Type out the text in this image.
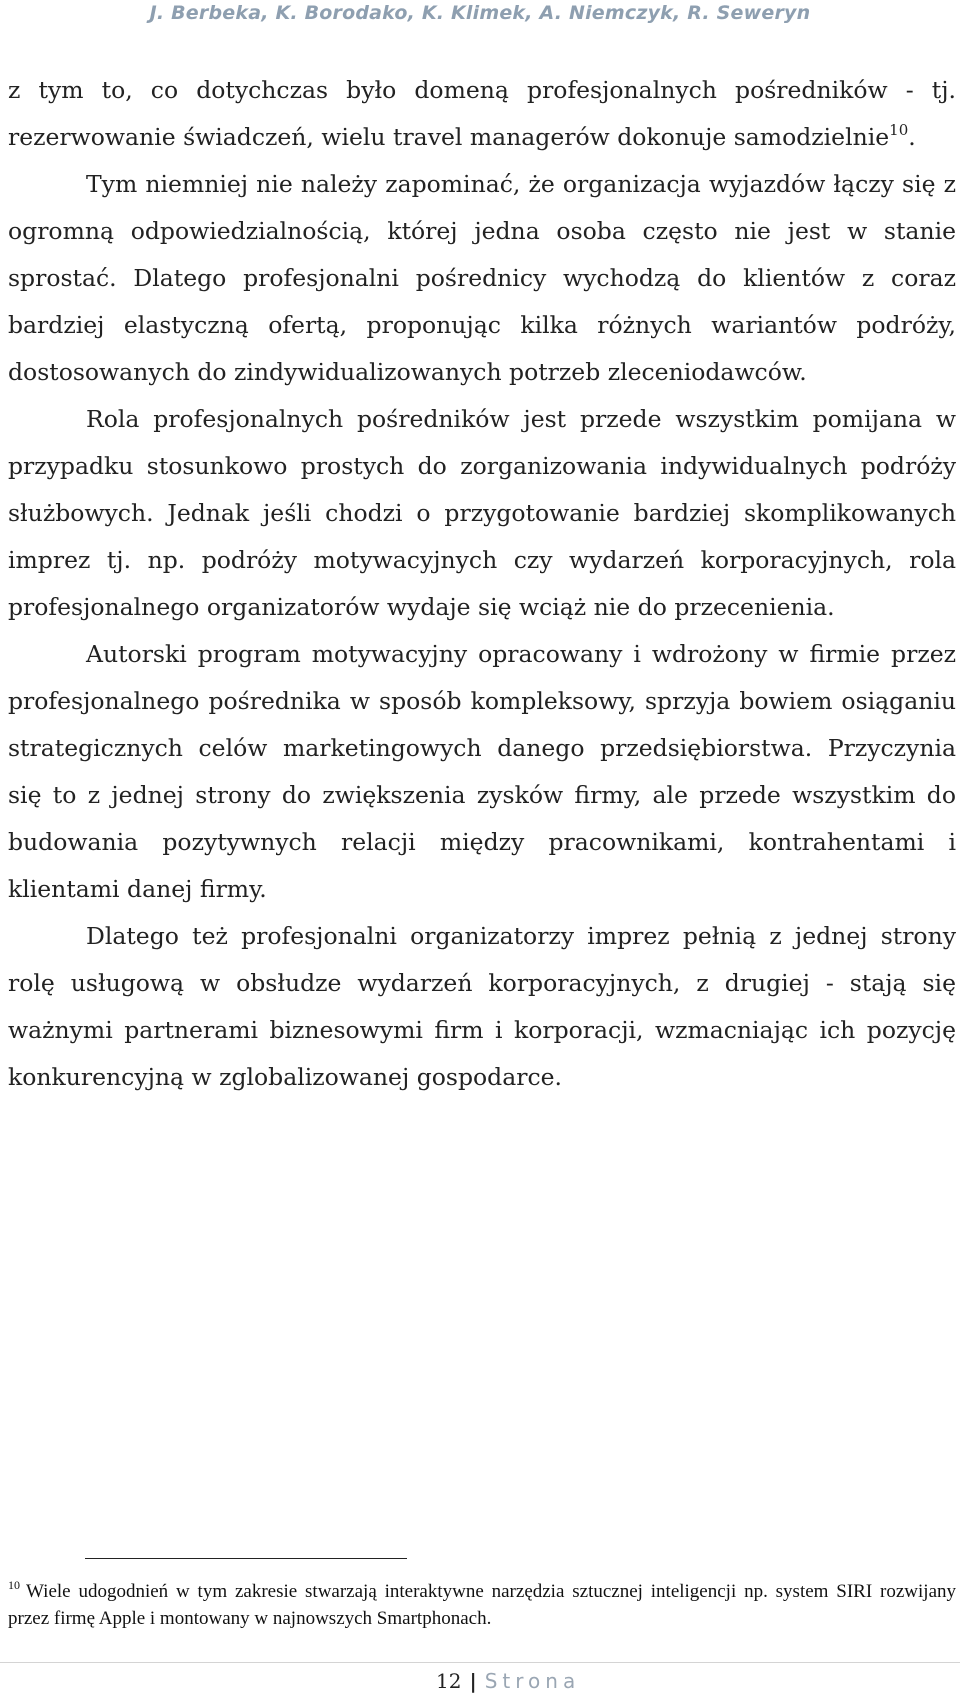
J. Berbeka, K. Borodako, K. Klimek, A. Niemczyk, R. Seweryn

z tym to, co dotychczas było domeną profesjonalnych pośredników - tj. rezerwowanie świadczeń, wielu travel managerów dokonuje samodzielnie$^{10}$.

Tym niemniej nie należy zapominać, że organizacja wyjazdów łączy się z ogromną odpowiedzialnością, której jedna osoba często nie jest w stanie sprostać. Dlatego profesjonalni pośrednicy wychodzą do klientów z coraz bardziej elastyczną ofertą, proponując kilka różnych wariantów podróży, dostosowanych do zindywidualizowanych potrzeb zleceniodawców.

Rola profesjonalnych pośredników jest przede wszystkim pomijana w przypadku stosunkowo prostych do zorganizowania indywidualnych podróży służbowych. Jednak jeśli chodzi o przygotowanie bardziej skomplikowanych imprez tj. np. podróży motywacyjnych czy wydarzeń korporacyjnych, rola profesjonalnego organizatorów wydaje się wciąż nie do przecenienia.

Autorski program motywacyjny opracowany i wdrożony w firmie przez profesjonalnego pośrednika w sposób kompleksowy, sprzyja bowiem osiąganiu strategicznych celów marketingowych danego przedsiębiorstwa. Przyczynia się to z jednej strony do zwiększenia zysków firmy, ale przede wszystkim do budowania pozytywnych relacji między pracownikami, kontrahentami i klientami danej firmy.

Dlatego też profesjonalni organizatorzy imprez pełnią z jednej strony rolę usługową w obsłudze wydarzeń korporacyjnych, z drugiej - stają się ważnymi partnerami biznesowymi firm i korporacji, wzmacniając ich pozycję konkurencyjną w zglobalizowanej gospodarce.

$^{10}$ Wiele udogodnień w tym zakresie stwarzają interaktywne narzędzia sztucznej inteligencji np. system SIRI rozwijany przez firmę Apple i montowany w najnowszych Smartphonach.
12 | Strona
